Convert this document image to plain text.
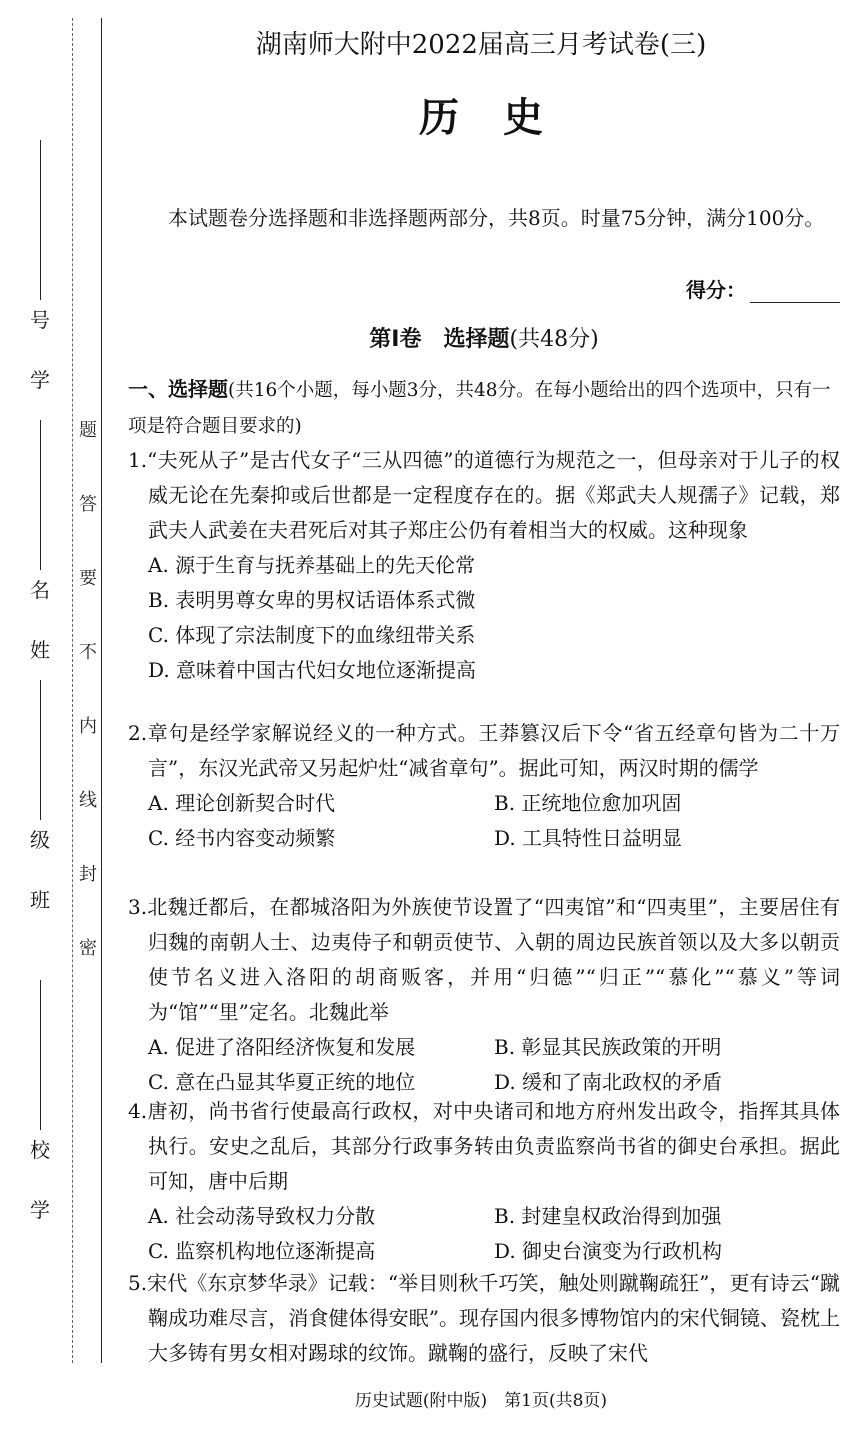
号
学
名
姓
级
班
校
学
题
答
要
不
内
线
封
密
湖南师大附中2022届高三月考试卷(三)
历史
本试题卷分选择题和非选择题两部分，共8页。时量75分钟，满分100分。
得分：
第Ⅰ卷　 选择题(共48分)
一、选择题(共16个小题，每小题3分，共48分。在每小题给出的四个选项中，只有一项是符合题目要求的)
1.“夫死从子”是古代女子“三从四德”的道德行为规范之一，但母亲对于儿子的权威无论在先秦抑或后世都是一定程度存在的。据《郑武夫人规孺子》记载，郑武夫人武姜在夫君死后对其子郑庄公仍有着相当大的权威。这种现象
A. 源于生育与抚养基础上的先天伦常
B. 表明男尊女卑的男权话语体系式微
C. 体现了宗法制度下的血缘纽带关系
D. 意味着中国古代妇女地位逐渐提高
2.章句是经学家解说经义的一种方式。王莽篡汉后下令“省五经章句皆为二十万言”，东汉光武帝又另起炉灶“减省章句”。据此可知，两汉时期的儒学
A. 理论创新契合时代	B. 正统地位愈加巩固
C. 经书内容变动频繁	D. 工具特性日益明显
3.北魏迁都后，在都城洛阳为外族使节设置了“四夷馆”和“四夷里”，主要居住有归魏的南朝人士、边夷侍子和朝贡使节、入朝的周边民族首领以及大多以朝贡使节名义进入洛阳的胡商贩客，并用“归德”“归正”“慕化”“慕义”等词为“馆”“里”定名。北魏此举
A. 促进了洛阳经济恢复和发展	B. 彰显其民族政策的开明
C. 意在凸显其华夏正统的地位	D. 缓和了南北政权的矛盾
4.唐初，尚书省行使最高行政权，对中央诸司和地方府州发出政令，指挥其具体执行。安史之乱后，其部分行政事务转由负责监察尚书省的御史台承担。据此可知，唐中后期
A. 社会动荡导致权力分散	B. 封建皇权政治得到加强
C. 监察机构地位逐渐提高	D. 御史台演变为行政机构
5.宋代《东京梦华录》记载：“举目则秋千巧笑，触处则蹴鞠疏狂”，更有诗云“蹴鞠成功难尽言，消食健体得安眠”。现存国内很多博物馆内的宋代铜镜、瓷枕上大多铸有男女相对踢球的纹饰。蹴鞠的盛行，反映了宋代
历史试题(附中版)　第1页(共8页)
